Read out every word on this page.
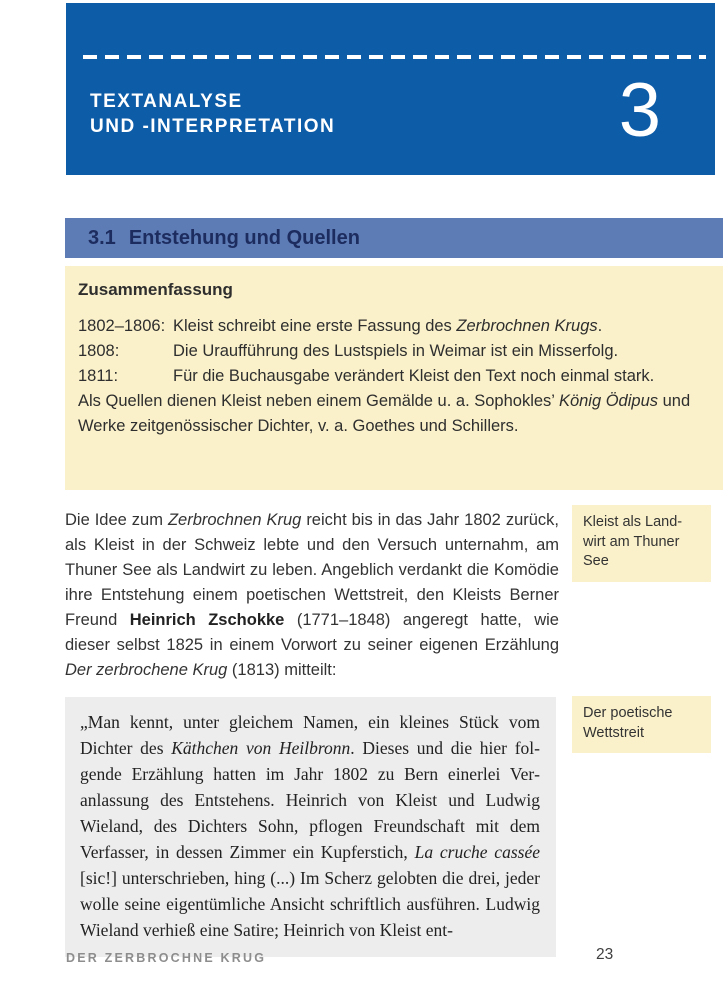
TEXTANALYSE
UND -INTERPRETATION	3
3.1 Entstehung und Quellen
Zusammenfassung
1802–1806: Kleist schreibt eine erste Fassung des Zerbrochnen Krugs.
1808:	Die Uraufführung des Lustspiels in Weimar ist ein Misserfolg.
1811:	Für die Buchausgabe verändert Kleist den Text noch einmal stark.
Als Quellen dienen Kleist neben einem Gemälde u. a. Sophokles’ König Ödipus und Werke zeitgenössischer Dichter, v. a. Goethes und Schillers.

Die Idee zum Zerbrochnen Krug reicht bis in das Jahr 1802 zurück, als Kleist in der Schweiz lebte und den Versuch unternahm, am Thuner See als Landwirt zu leben. Angeblich verdankt die Komödie ihre Entstehung einem poetischen Wettstreit, den Kleists Berner Freund Heinrich Zschokke (1771–1848) angeregt hatte, wie dieser selbst 1825 in einem Vorwort zu seiner eigenen Erzählung Der zerbrochene Krug (1813) mitteilt:

„Man kennt, unter gleichem Namen, ein kleines Stück vom Dichter des Käthchen von Heilbronn. Dieses und die hier folgende Erzählung hatten im Jahr 1802 zu Bern einerlei Veranlassung des Entstehens. Heinrich von Kleist und Ludwig Wieland, des Dichters Sohn, pflogen Freundschaft mit dem Verfasser, in dessen Zimmer ein Kupferstich, La cruche cassée [sic!] unterschrieben, hing (...) Im Scherz gelobten die drei, jeder wolle seine eigentümliche Ansicht schriftlich ausführen. Ludwig Wieland verhieß eine Satire; Heinrich von Kleist ent-
Kleist als Land-
wirt am Thuner
See
Der poetische
Wettstreit
DER ZERBROCHNE KRUG	23
